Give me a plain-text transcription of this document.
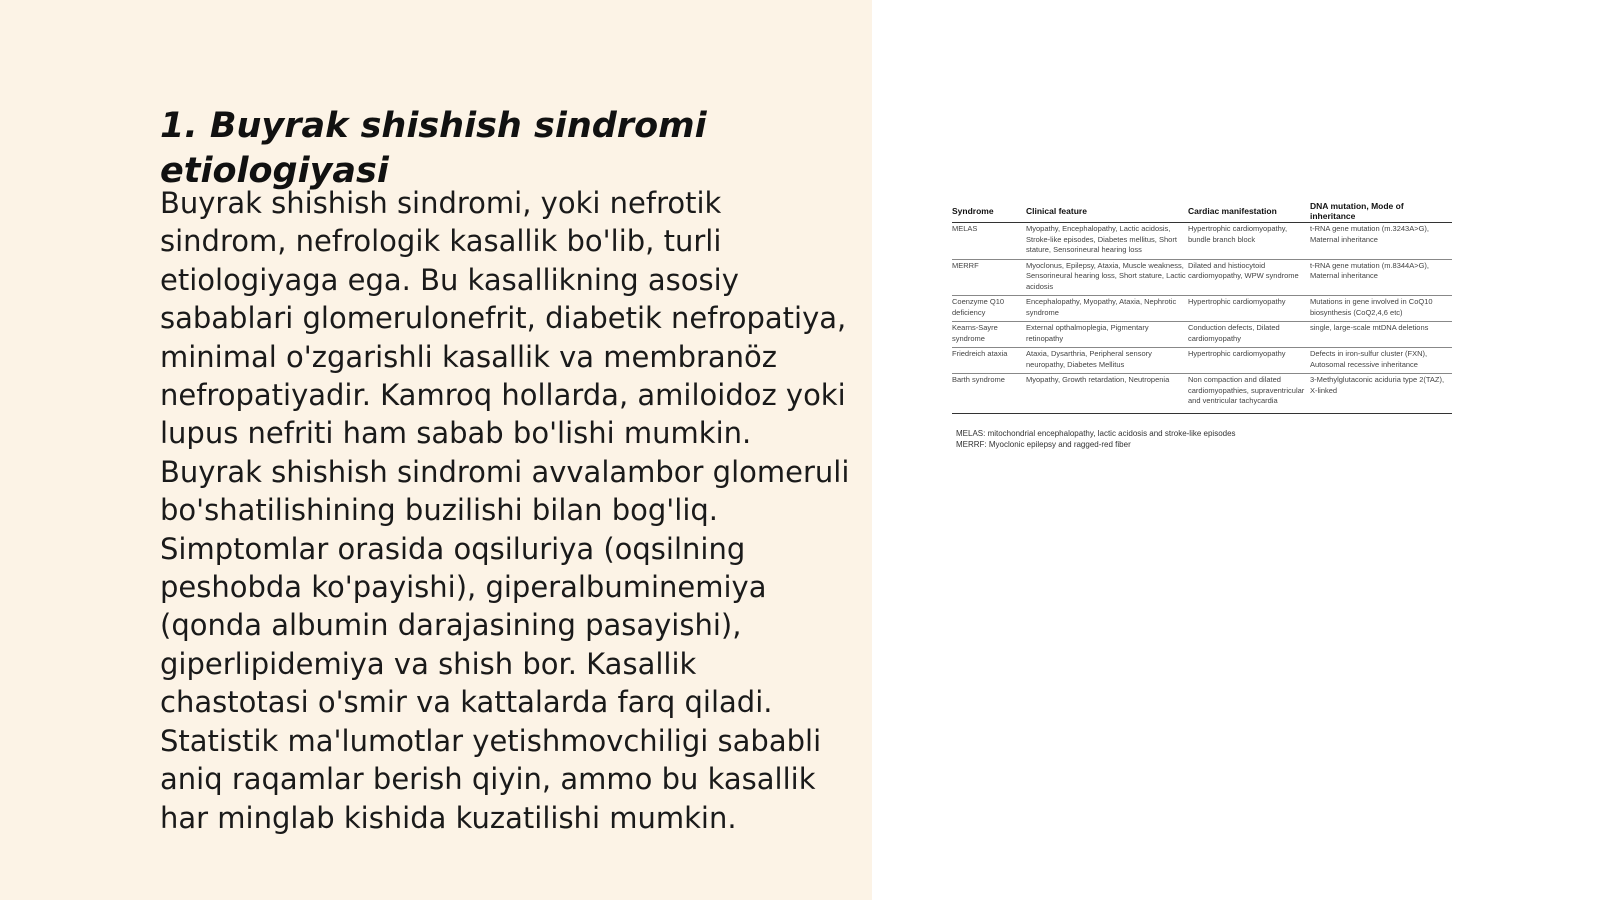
1. Buyrak shishish sindromi etiologiyasi

Buyrak shishish sindromi, yoki nefrotik sindrom, nefrologik kasallik bo'lib, turli etiologiyaga ega. Bu kasallikning asosiy sabablari glomerulonefrit, diabetik nefropatiya, minimal o'zgarishli kasallik va membranöz nefropatiyadir. Kamroq hollarda, amiloidoz yoki lupus nefriti ham sabab bo'lishi mumkin. Buyrak shishish sindromi avvalambor glomeruli bo'shatilishining buzilishi bilan bog'liq. Simptomlar orasida oqsiluriya (oqsilning peshobda ko'payishi), giperalbuminemiya (qonda albumin darajasining pasayishi), giperlipidemiya va shish bor. Kasallik chastotasi o'smir va kattalarda farq qiladi. Statistik ma'lumotlar yetishmovchiligi sababli aniq raqamlar berish qiyin, ammo bu kasallik har minglab kishida kuzatilishi mumkin.

Syndrome	Clinical feature	Cardiac manifestation	DNA mutation, Mode of inheritance
MELAS	Myopathy, Encephalopathy, Lactic acidosis, Stroke-like episodes, Diabetes mellitus, Short stature, Sensorineural hearing loss	Hypertrophic cardiomyopathy, bundle branch block	t-RNA gene mutation (m.3243A>G), Maternal inheritance
MERRF	Myoclonus, Epilepsy, Ataxia, Muscle weakness, Sensorineural hearing loss, Short stature, Lactic acidosis	Dilated and histiocytoid cardiomyopathy, WPW syndrome	t-RNA gene mutation (m.8344A>G), Maternal inheritance
Coenzyme Q10 deficiency	Encephalopathy, Myopathy, Ataxia, Nephrotic syndrome	Hypertrophic cardiomyopathy	Mutations in gene involved in CoQ10 biosynthesis (CoQ2,4,6 etc)
Kearns-Sayre syndrome	External opthalmoplegia, Pigmentary retinopathy	Conduction defects, Dilated cardiomyopathy	single, large-scale mtDNA deletions
Friedreich ataxia	Ataxia, Dysarthria, Peripheral sensory neuropathy, Diabetes Mellitus	Hypertrophic cardiomyopathy	Defects in iron-sulfur cluster (FXN), Autosomal recessive inheritance
Barth syndrome	Myopathy, Growth retardation, Neutropenia	Non compaction and dilated cardiomyopathies, supraventricular and ventricular tachycardia	3-Methylglutaconic aciduria type 2(TAZ), X-linked
MELAS: mitochondrial encephalopathy, lactic acidosis and stroke-like episodes
MERRF: Myoclonic epilepsy and ragged-red fiber
